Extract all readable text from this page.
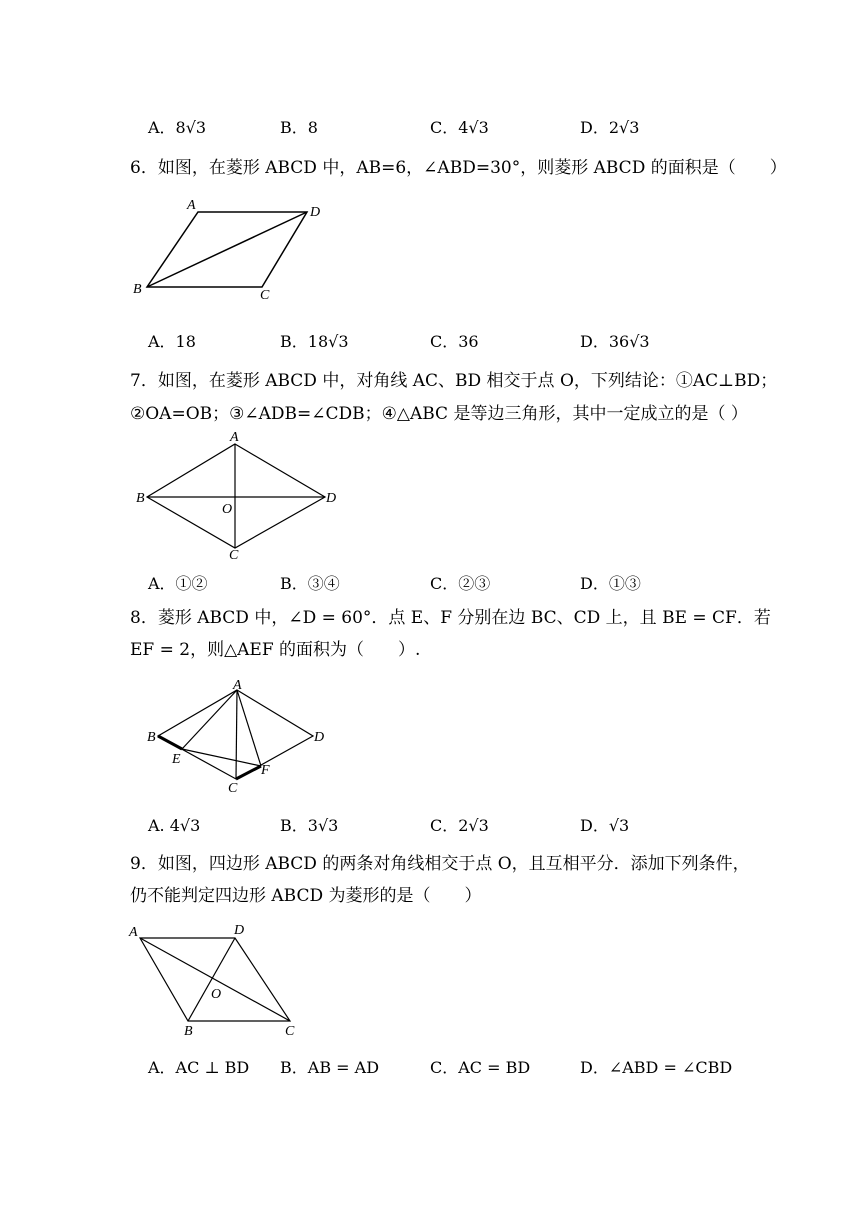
A．8√3	B．8	C．4√3	D．2√3
6．如图，在菱形 ABCD 中，AB=6，∠ABD=30°，则菱形 ABCD 的面积是（　　）
A
B	C
D
A．18	B．18√3	C．36	D．36√3
7．如图，在菱形 ABCD 中，对角线 AC、BD 相交于点 O，下列结论：①AC⊥BD；
②OA=OB；③∠ADB=∠CDB；④△ABC 是等边三角形，其中一定成立的是（ ）
A
B
C
D
O
A．①②	B．③④	C．②③	D．①③
8．菱形 ABCD 中，∠D = 60°．点 E、F 分别在边 BC、CD 上，且 BE = CF．若
EF = 2，则△AEF 的面积为（　　）.
A
B
C
D
E
F
A. 4√3	B．3√3	C．2√3	D．√3
9．如图，四边形 ABCD 的两条对角线相交于点 O，且互相平分．添加下列条件，
仍不能判定四边形 ABCD 为菱形的是（　　）
A
B	C
D
O
A．AC ⊥ BD B．AB = AD	C．AC = BD	D．∠ABD = ∠CBD
